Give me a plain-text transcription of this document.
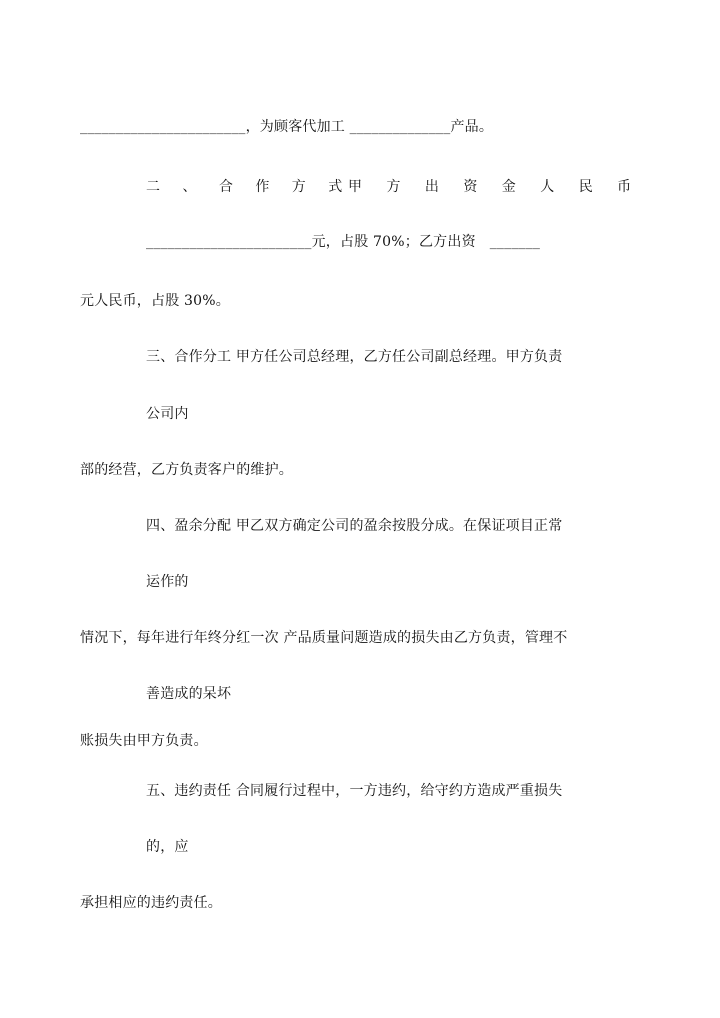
_______________________，为顾客代加工 ______________产品。
二 、 合 作 方 式
甲 方 出 资 金 人 民 币
_______________________元，占股 70%；乙方出资   _______
元人民币，占股 30%。
三、合作分工 甲方任公司总经理，乙方任公司副总经理。甲方负责
公司内
部的经营，乙方负责客户的维护。
四、盈余分配 甲乙双方确定公司的盈余按股分成。在保证项目正常
运作的
情况下，每年进行年终分红一次 产品质量问题造成的损失由乙方负责，管理不
善造成的呆坏
账损失由甲方负责。
五、违约责任 合同履行过程中，一方违约，给守约方造成严重损失
的，应
承担相应的违约责任。
